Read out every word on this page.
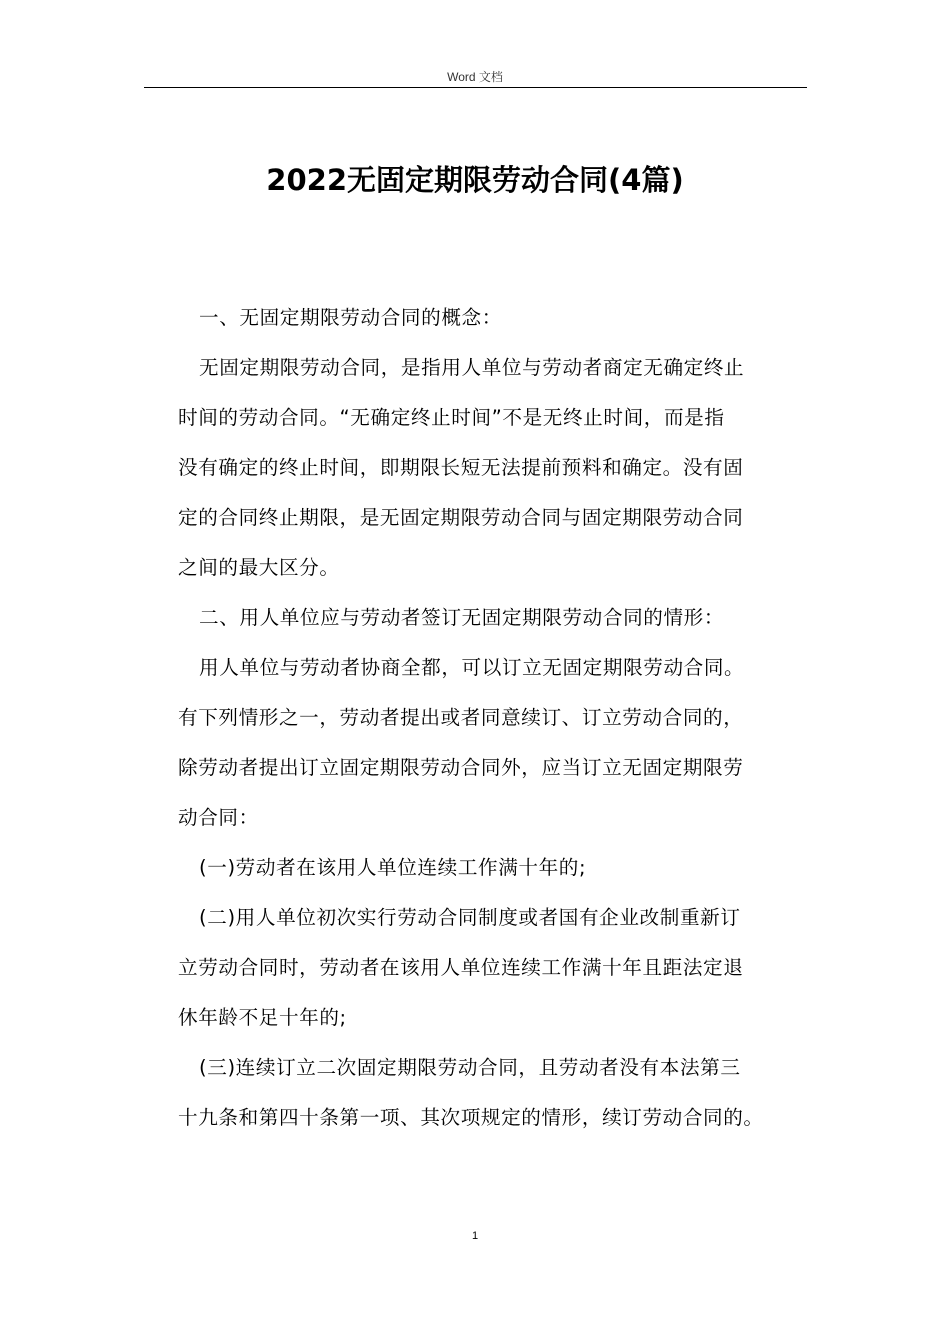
Word 文档
2022无固定期限劳动合同(4篇)
一、无固定期限劳动合同的概念：
无固定期限劳动合同，是指用人单位与劳动者商定无确定终止
时间的劳动合同。“无确定终止时间”不是无终止时间，而是指
没有确定的终止时间，即期限长短无法提前预料和确定。没有固
定的合同终止期限，是无固定期限劳动合同与固定期限劳动合同
之间的最大区分。
二、用人单位应与劳动者签订无固定期限劳动合同的情形：
用人单位与劳动者协商全都，可以订立无固定期限劳动合同。
有下列情形之一，劳动者提出或者同意续订、订立劳动合同的，
除劳动者提出订立固定期限劳动合同外，应当订立无固定期限劳
动合同：
(一)劳动者在该用人单位连续工作满十年的;
(二)用人单位初次实行劳动合同制度或者国有企业改制重新订
立劳动合同时，劳动者在该用人单位连续工作满十年且距法定退
休年龄不足十年的;
(三)连续订立二次固定期限劳动合同，且劳动者没有本法第三
十九条和第四十条第一项、其次项规定的情形，续订劳动合同的。
1
